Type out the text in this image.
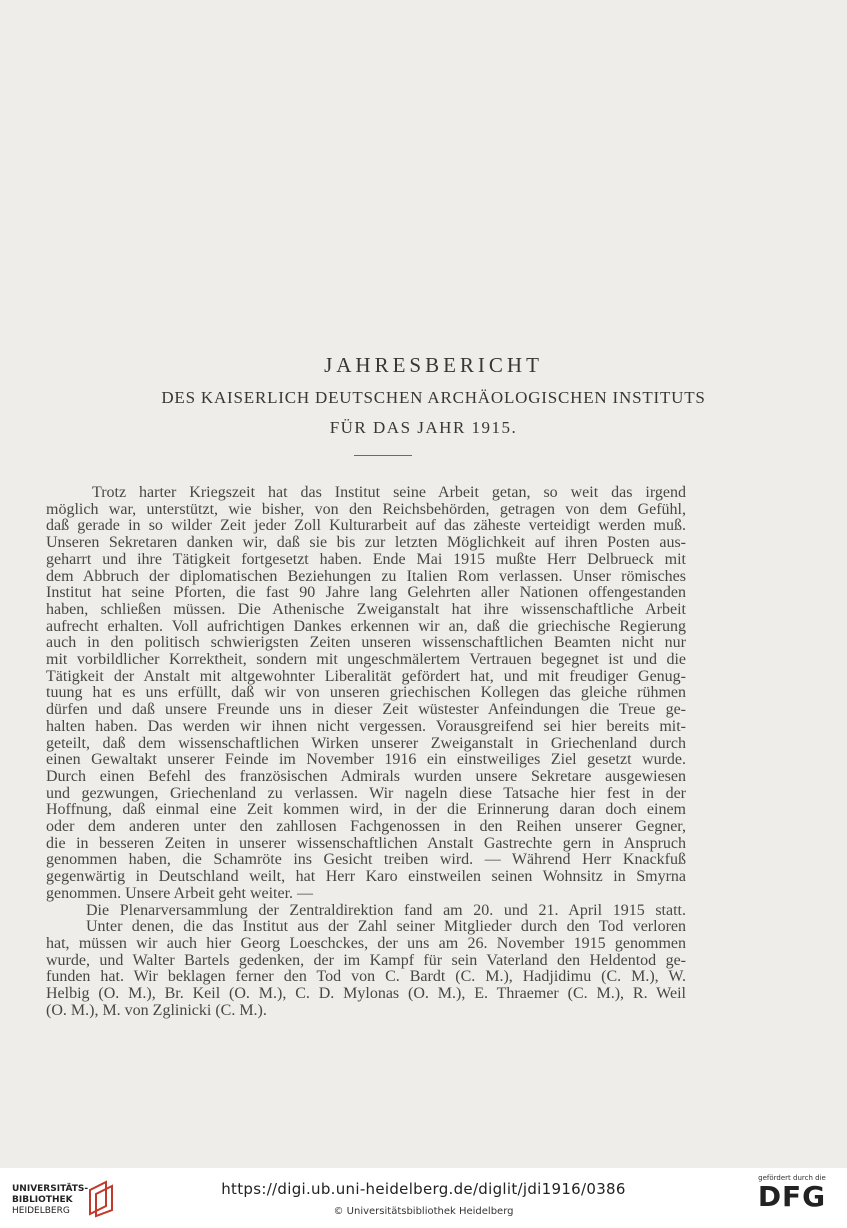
JAHRESBERICHT
DES KAISERLICH DEUTSCHEN ARCHÄOLOGISCHEN INSTITUTS
FÜR DAS JAHR 1915.
Trotz harter Kriegszeit hat das Institut seine Arbeit getan, so weit das irgend
möglich war, unterstützt, wie bisher, von den Reichsbehörden, getragen von dem Gefühl,
daß gerade in so wilder Zeit jeder Zoll Kulturarbeit auf das zäheste verteidigt werden muß.
Unseren Sekretaren danken wir, daß sie bis zur letzten Möglichkeit auf ihren Posten aus-
geharrt und ihre Tätigkeit fortgesetzt haben. Ende Mai 1915 mußte Herr Delbrueck mit
dem Abbruch der diplomatischen Beziehungen zu Italien Rom verlassen. Unser römisches
Institut hat seine Pforten, die fast 90 Jahre lang Gelehrten aller Nationen offengestanden
haben, schließen müssen. Die Athenische Zweiganstalt hat ihre wissenschaftliche Arbeit
aufrecht erhalten. Voll aufrichtigen Dankes erkennen wir an, daß die griechische Regierung
auch in den politisch schwierigsten Zeiten unseren wissenschaftlichen Beamten nicht nur
mit vorbildlicher Korrektheit, sondern mit ungeschmälertem Vertrauen begegnet ist und die
Tätigkeit der Anstalt mit altgewohnter Liberalität gefördert hat, und mit freudiger Genug-
tuung hat es uns erfüllt, daß wir von unseren griechischen Kollegen das gleiche rühmen
dürfen und daß unsere Freunde uns in dieser Zeit wüstester Anfeindungen die Treue ge-
halten haben. Das werden wir ihnen nicht vergessen. Vorausgreifend sei hier bereits mit-
geteilt, daß dem wissenschaftlichen Wirken unserer Zweiganstalt in Griechenland durch
einen Gewaltakt unserer Feinde im November 1916 ein einstweiliges Ziel gesetzt wurde.
Durch einen Befehl des französischen Admirals wurden unsere Sekretare ausgewiesen
und gezwungen, Griechenland zu verlassen. Wir nageln diese Tatsache hier fest in der
Hoffnung, daß einmal eine Zeit kommen wird, in der die Erinnerung daran doch einem
oder dem anderen unter den zahllosen Fachgenossen in den Reihen unserer Gegner,
die in besseren Zeiten in unserer wissenschaftlichen Anstalt Gastrechte gern in Anspruch
genommen haben, die Schamröte ins Gesicht treiben wird. — Während Herr Knackfuß
gegenwärtig in Deutschland weilt, hat Herr Karo einstweilen seinen Wohnsitz in Smyrna
genommen. Unsere Arbeit geht weiter. —
Die Plenarversammlung der Zentraldirektion fand am 20. und 21. April 1915 statt.
Unter denen, die das Institut aus der Zahl seiner Mitglieder durch den Tod verloren
hat, müssen wir auch hier Georg Loeschckes, der uns am 26. November 1915 genommen
wurde, und Walter Bartels gedenken, der im Kampf für sein Vaterland den Heldentod ge-
funden hat. Wir beklagen ferner den Tod von C. Bardt (C. M.), Hadjidimu (C. M.), W.
Helbig (O. M.), Br. Keil (O. M.), C. D. Mylonas (O. M.), E. Thraemer (C. M.), R. Weil
(O. M.), M. von Zglinicki (C. M.).
UNIVERSITÄTS-
BIBLIOTHEK
HEIDELBERG
https://digi.ub.uni-heidelberg.de/diglit/jdi1916/0386
© Universitätsbibliothek Heidelberg
gefördert durch die
DFG
